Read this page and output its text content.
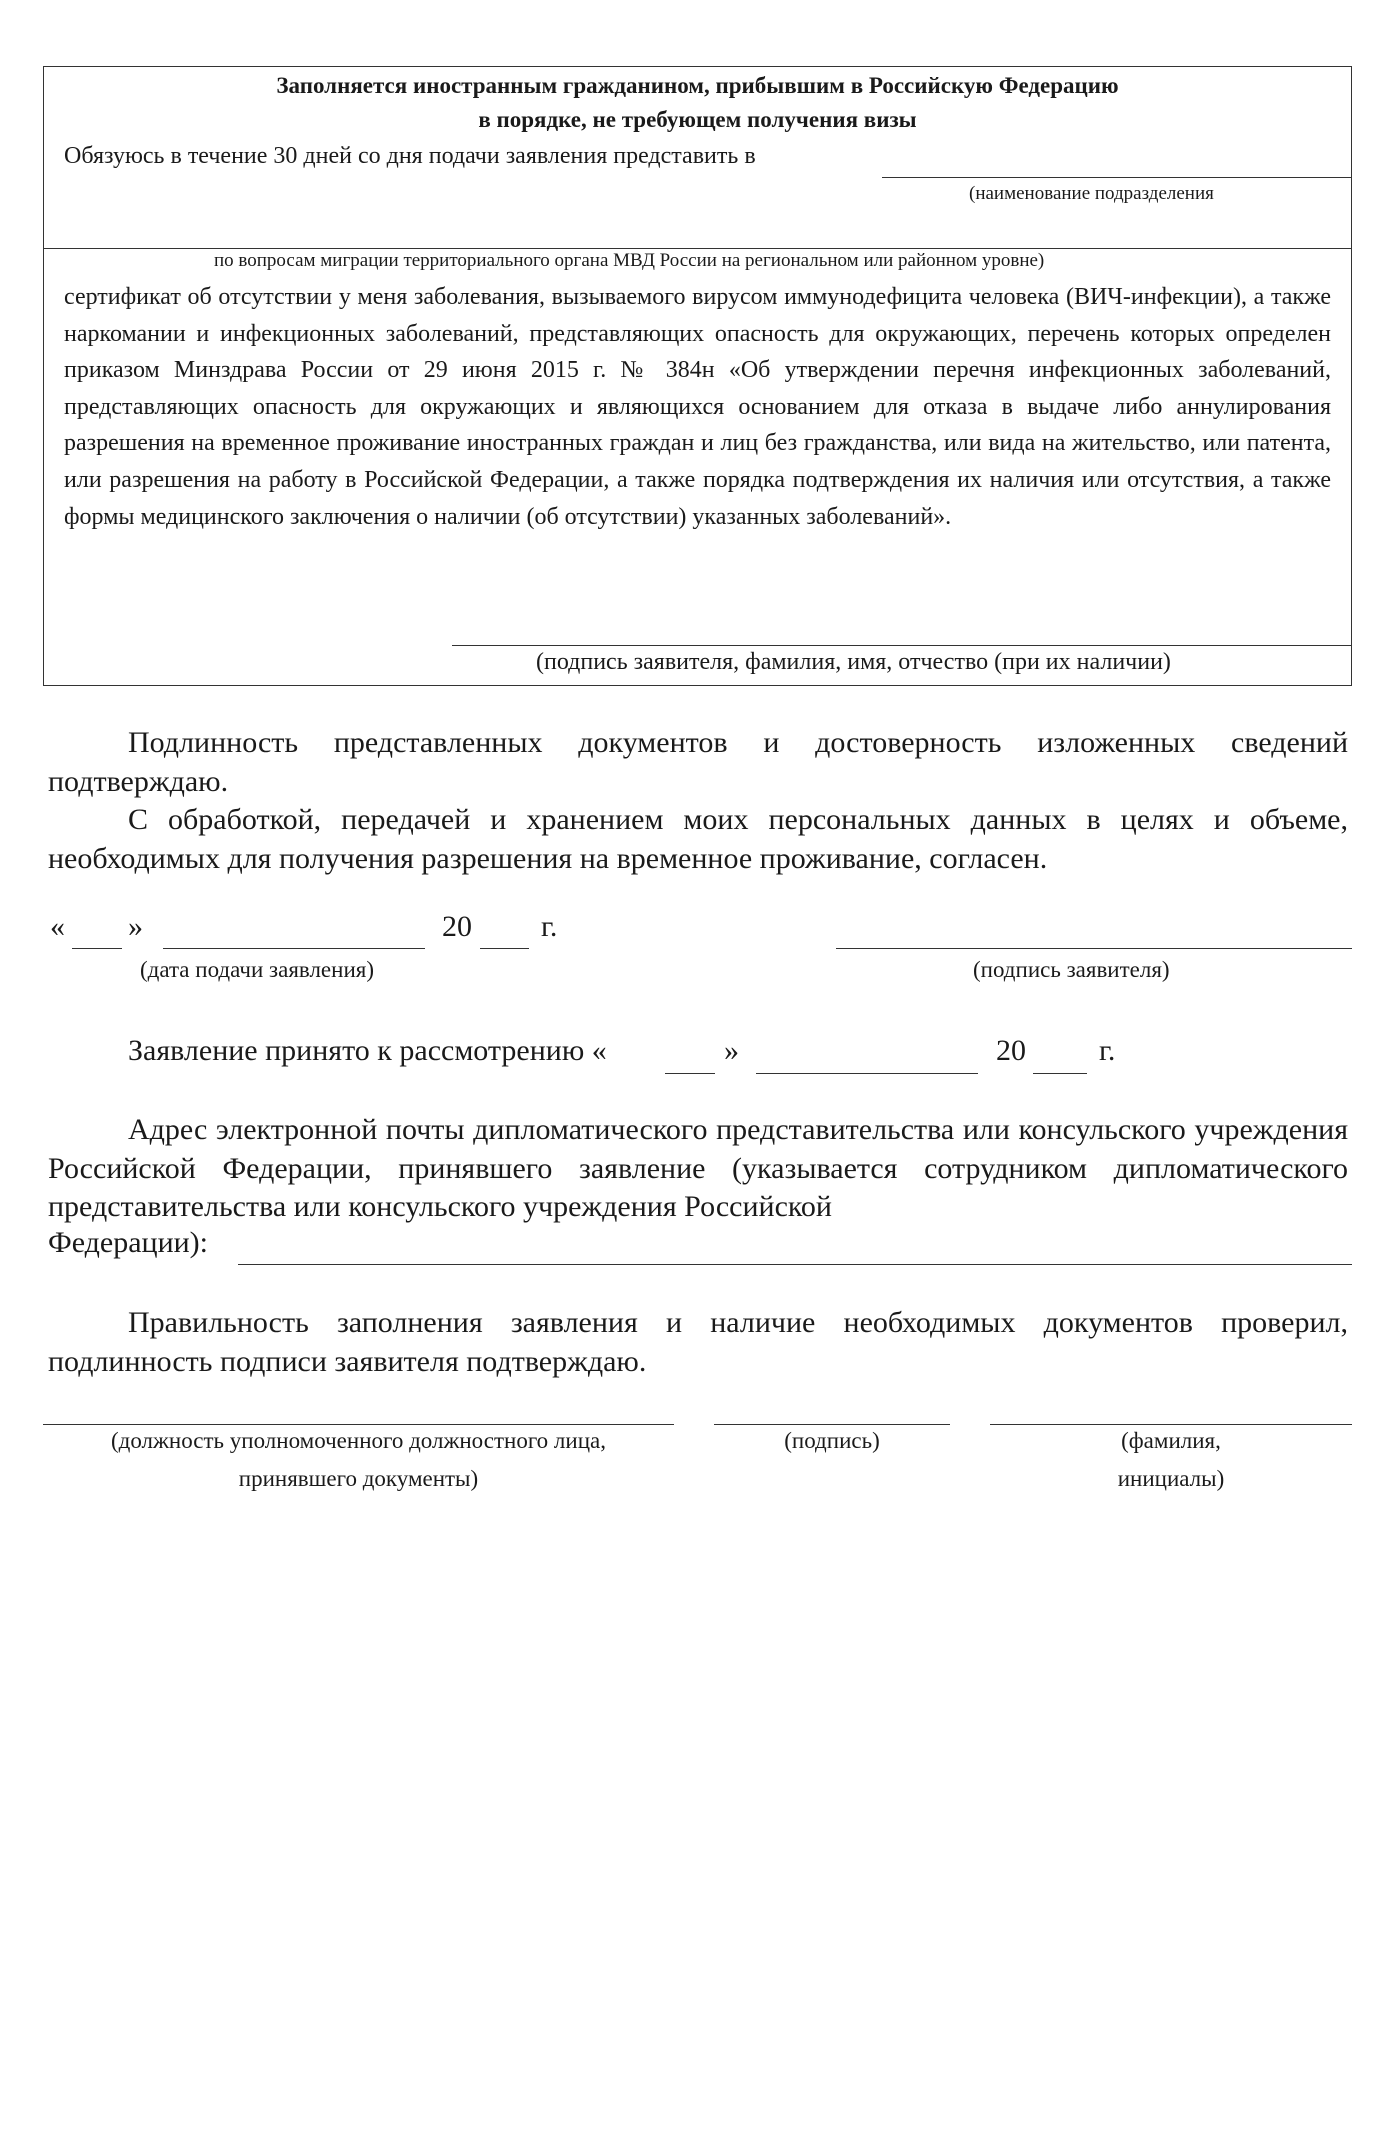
Заполняется иностранным гражданином, прибывшим в Российскую Федерацию
в порядке, не требующем получения визы
Обязуюсь в течение 30 дней со дня подачи заявления представить в
(наименование подразделения
по вопросам миграции территориального органа МВД России на региональном или районном уровне)

сертификат об отсутствии у меня заболевания, вызываемого вирусом иммунодефицита человека (ВИЧ-инфекции), а также наркомании и инфекционных заболеваний, представляющих опасность для окружающих, перечень которых определен приказом Минздрава России от 29 июня 2015 г. № 384н «Об утверждении перечня инфекционных заболеваний, представляющих опасность для окружающих и являющихся основанием для отказа в выдаче либо аннулирования разрешения на временное проживание иностранных граждан и лиц без гражданства, или вида на жительство, или патента, или разрешения на работу в Российской Федерации, а также порядка подтверждения их наличия или отсутствия, а также формы медицинского заключения о наличии (об отсутствии) указанных заболеваний».

(подпись заявителя, фамилия, имя, отчество (при их наличии)

Подлинность представленных документов и достоверность изложенных сведений подтверждаю.

С обработкой, передачей и хранением моих персональных данных в целях и объеме, необходимых для получения разрешения на временное проживание, согласен.

« »	20 г.
(дата подачи заявления)	(подпись заявителя)
Заявление принято к рассмотрению «	»	20 г.

Адрес электронной почты дипломатического представительства или консульского учреждения Российской Федерации, принявшего заявление (указывается сотрудником дипломатического представительства или консульского учреждения Российской

Федерации):

Правильность заполнения заявления и наличие необходимых документов проверил, подлинность подписи заявителя подтверждаю.

(должность уполномоченного должностного лица,
принявшего документы)
(подпись)	(фамилия,
инициалы)
